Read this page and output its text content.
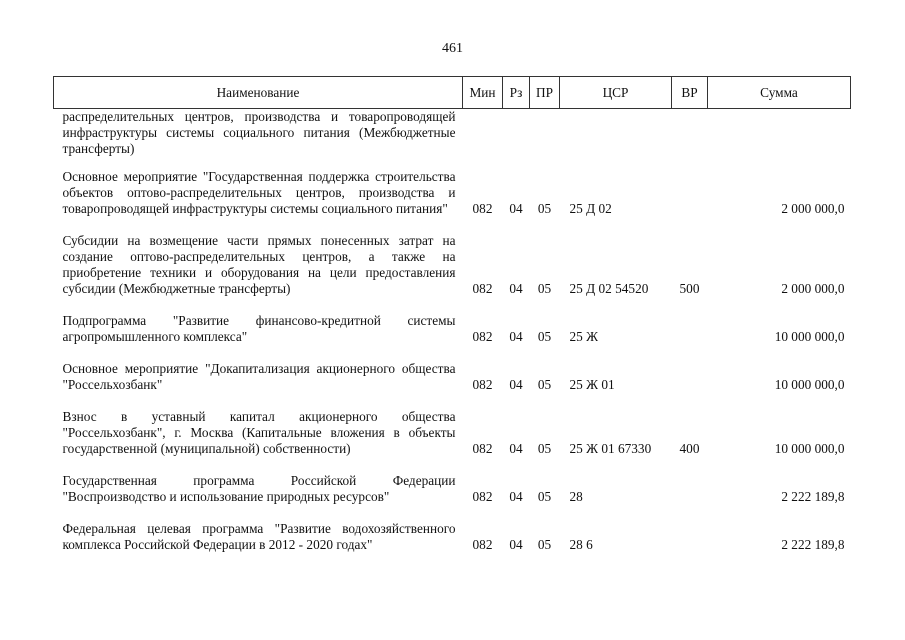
461
Наименование	Мин	Рз	ПР	ЦСР	ВР	Сумма
распределительных центров, производства и товаропроводящей инфраструктуры системы социального питания (Межбюджетные трансферты)						
Основное мероприятие "Государственная поддержка строительства объектов оптово-распределительных центров, производства и товаропроводящей инфраструктуры системы социального питания"	082	04	05	25 Д 02		2 000 000,0
Субсидии на возмещение части прямых понесенных затрат на создание оптово-распределительных центров, а также на приобретение техники и оборудования на цели предоставления субсидии (Межбюджетные трансферты)	082	04	05	25 Д 02 54520	500	2 000 000,0
Подпрограмма "Развитие финансово-кредитной системы агропромышленного комплекса"	082	04	05	25 Ж		10 000 000,0
Основное мероприятие "Докапитализация акционерного общества "Россельхозбанк"	082	04	05	25 Ж 01		10 000 000,0
Взнос в уставный капитал акционерного общества "Россельхозбанк", г. Москва (Капитальные вложения в объекты государственной (муниципальной) собственности)	082	04	05	25 Ж 01 67330	400	10 000 000,0
Государственная программа Российской Федерации "Воспроизводство и использование природных ресурсов"	082	04	05	28		2 222 189,8
Федеральная целевая программа "Развитие водохозяйственного комплекса Российской Федерации в 2012 - 2020 годах"	082	04	05	28 6		2 222 189,8
